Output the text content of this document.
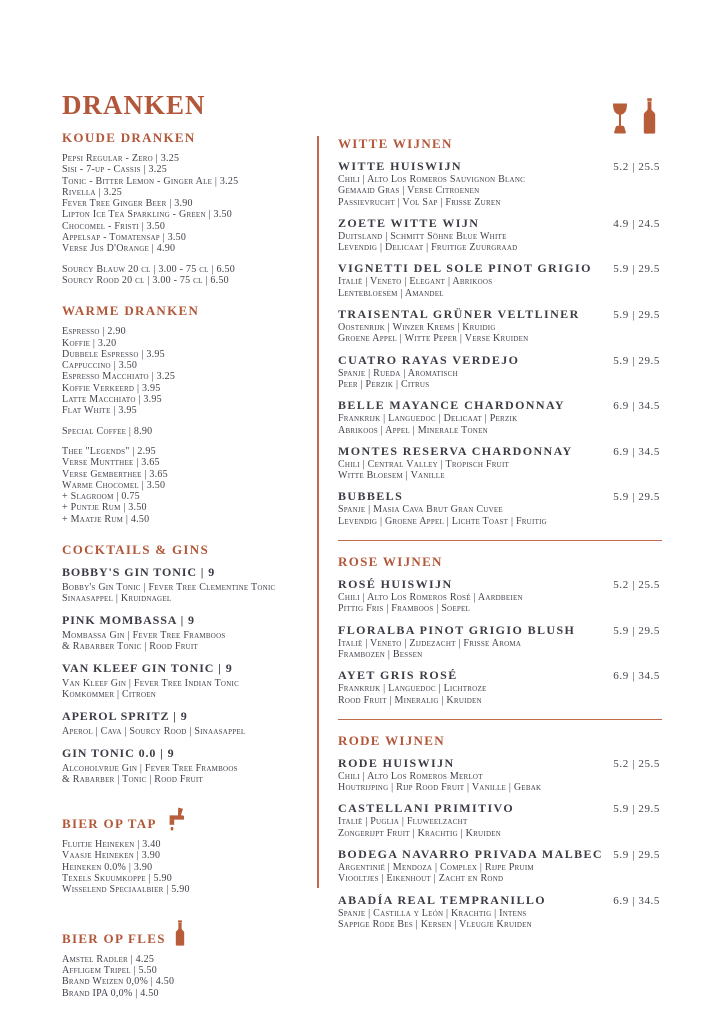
DRANKEN
KOUDE DRANKEN
Pepsi Regular - Zero | 3.25
Sisi - 7-up - Cassis | 3.25
Tonic - Bitter Lemon - Ginger Ale | 3.25
Rivella | 3.25
Fever Tree Ginger Beer | 3.90
Lipton Ice Tea Sparkling - Green | 3.50
Chocomel - Fristi | 3.50
Appelsap - Tomatensap | 3.50
Verse Jus D'Orange | 4.90
Sourcy Blauw 20 cl | 3.00 - 75 cl | 6.50
Sourcy Rood 20 cl | 3.00 - 75 cl | 6.50
WARME DRANKEN
Espresso | 2.90
Koffie | 3.20
Dubbele Espresso | 3.95
Cappuccino | 3.50
Espresso Macchiato | 3.25
Koffie Verkeerd | 3.95
Latte Macchiato | 3.95
Flat White | 3.95
Special Coffee | 8.90
Thee "Legends" | 2.95
Verse Muntthee | 3.65
Verse Gemberthee | 3.65
Warme Chocomel | 3.50
+ Slagroom | 0.75
+ Puntje Rum | 3.50
+ Maatje Rum | 4.50
COCKTAILS & GINS
BOBBY'S GIN TONIC | 9
Bobby's Gin Tonic | Fever Tree Clementine Tonic
Sinaasappel | Kruidnagel
PINK MOMBASSA | 9
Mombassa Gin | Fever Tree Framboos
& Rabarber Tonic | Rood Fruit
VAN KLEEF GIN TONIC | 9
Van Kleef Gin | Fever Tree Indian Tonic
Komkommer | Citroen
APEROL SPRITZ | 9
Aperol | Cava | Sourcy Rood | Sinaasappel
GIN TONIC 0.0 | 9
Alcoholvrije Gin | Fever Tree Framboos
& Rabarber | Tonic | Rood Fruit
BIER OP TAP
Fluitje Heineken | 3.40
Vaasje Heineken | 3.90
Heineken 0.0% | 3.90
Texels Skuumkoppe | 5.90
Wisselend Speciaalbier | 5.90
BIER OP FLES
Amstel Radler | 4.25
Affligem Tripel | 5.50
Brand Weizen 0,0% | 4.50
Brand IPA 0,0% | 4.50
WITTE WIJNEN
WITTE HUISWIJN	5.2 | 25.5
Chili | Alto Los Romeros Sauvignon Blanc
Gemaaid Gras | Verse Citroenen
Passievrucht | Vol Sap | Frisse Zuren
ZOETE WITTE WIJN	4.9 | 24.5
Duitsland | Schmitt Söhne Blue White
Levendig | Delicaat | Fruitige Zuurgraad
VIGNETTI DEL SOLE PINOT GRIGIO 5.9 | 29.5
Italië | Veneto | Elegant | Abrikoos
Lentebloesem | Amandel
TRAISENTAL GRÜNER VELTLINER	5.9 | 29.5
Oostenrijk | Winzer Krems | Kruidig
Groene Appel | Witte Peper | Verse Kruiden
CUATRO RAYAS VERDEJO	5.9 | 29.5
Spanje | Rueda | Aromatisch
Peer | Perzik | Citrus
BELLE MAYANCE CHARDONNAY	6.9 | 34.5
Frankrijk | Languedoc | Delicaat | Perzik
Abrikoos | Appel | Minerale Tonen
MONTES RESERVA CHARDONNAY	6.9 | 34.5
Chili | Central Valley | Tropisch Fruit
Witte Bloesem | Vanille
BUBBELS	5.9 | 29.5
Spanje | Masia Cava Brut Gran Cuvee
Levendig | Groene Appel | Lichte Toast | Fruitig
ROSE WIJNEN
ROSÉ HUISWIJN	5.2 | 25.5
Chili | Alto Los Romeros Rosé | Aardbeien
Pittig Fris | Framboos | Soepel
FLORALBA PINOT GRIGIO BLUSH	5.9 | 29.5
Italië | Veneto | Zijdezacht | Frisse Aroma
Frambozen | Bessen
AYET GRIS ROSÉ	6.9 | 34.5
Frankrijk | Languedoc | Lichtroze
Rood Fruit | Mineralig | Kruiden
RODE WIJNEN
RODE HUISWIJN	5.2 | 25.5
Chili | Alto Los Romeros Merlot
Houtrijping | Rijp Rood Fruit | Vanille | Gebak
CASTELLANI PRIMITIVO	5.9 | 29.5
Italië | Puglia | Fluweelzacht
Zongerijpt Fruit | Krachtig | Kruiden
BODEGA NAVARRO PRIVADA MALBEC 5.9 | 29.5
Argentinië | Mendoza | Complex | Rijpe Pruim
Viooltjes | Eikenhout | Zacht en Rond
ABADÍA REAL TEMPRANILLO	6.9 | 34.5
Spanje | Castilla y León | Krachtig | Intens
Sappige Rode Bes | Kersen | Vleugje Kruiden
